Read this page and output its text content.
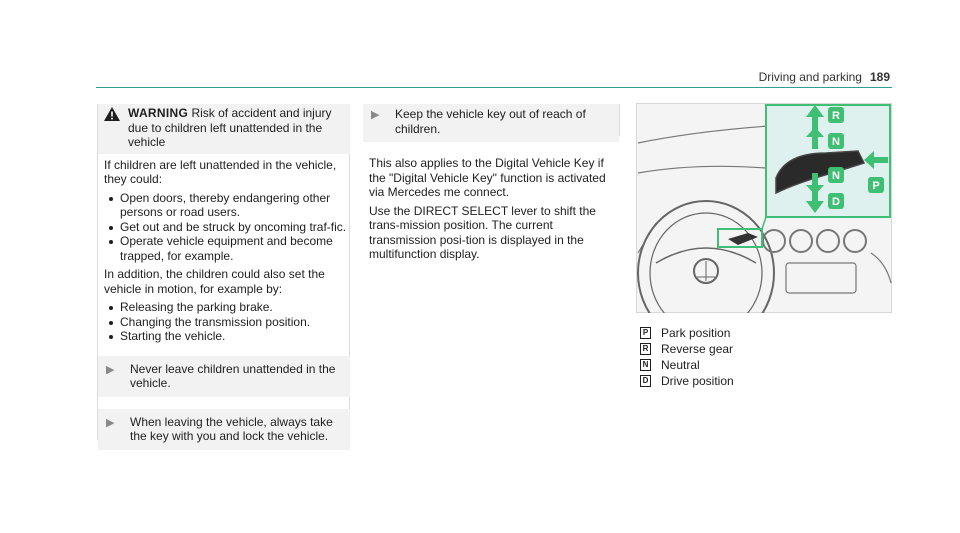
Driving and parking 189
WARNING Risk of accident and injury due to children left unattended in the vehicle

If children are left unattended in the vehicle, they could:

Open doors, thereby endangering other persons or road users.
Get out and be struck by oncoming traf-fic.
Operate vehicle equipment and become trapped, for example.

In addition, the children could also set the vehicle in motion, for example by:

Releasing the parking brake.
Changing the transmission position.
Starting the vehicle.
▶	Never leave children unattended in the vehicle.
▶	When leaving the vehicle, always take the key with you and lock the vehicle.
▶	Keep the vehicle key out of reach of children.

This also applies to the Digital Vehicle Key if the "Digital Vehicle Key" function is activated via Mercedes me connect.

Use the DIRECT SELECT lever to shift the trans-mission position. The current transmission posi-tion is displayed in the multifunction display.

R
N
N
D
P
P Park position
R Reverse gear
N Neutral
D Drive position
